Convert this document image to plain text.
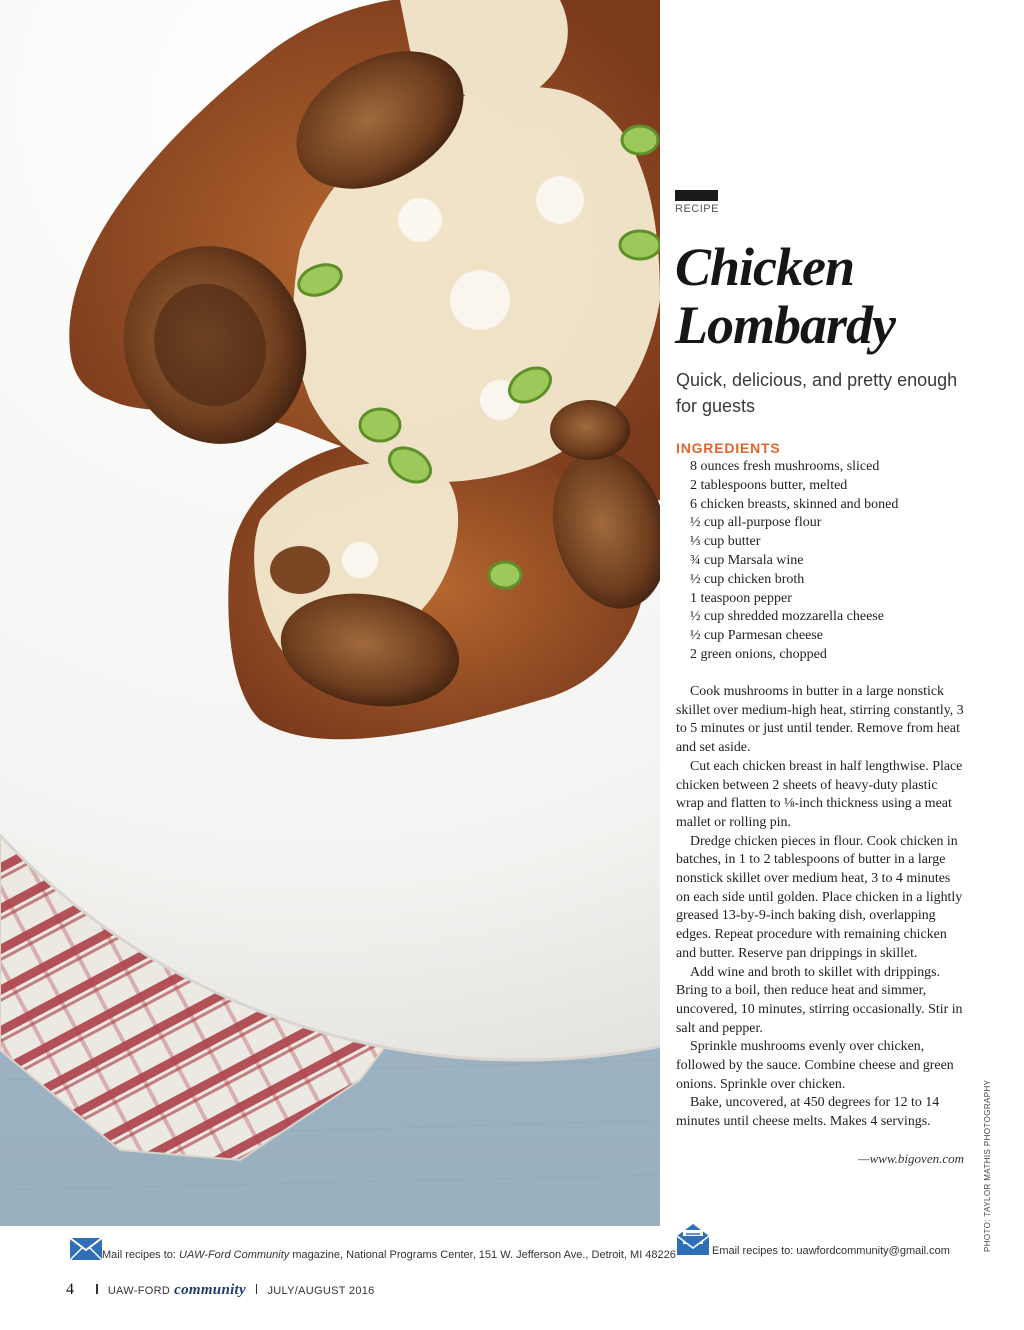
RECIPE
Chicken
Lombardy
Quick, delicious, and pretty enough for guests
INGREDIENTS
8 ounces fresh mushrooms, sliced
2 tablespoons butter, melted
6 chicken breasts, skinned and boned
½ cup all-purpose flour
⅓ cup butter
¾ cup Marsala wine
½ cup chicken broth
1 teaspoon pepper
½ cup shredded mozzarella cheese
½ cup Parmesan cheese
2 green onions, chopped

Cook mushrooms in butter in a large nonstick skillet over medium-high heat, stirring constantly, 3 to 5 minutes or just until tender. Remove from heat and set aside.

Cut each chicken breast in half lengthwise. Place chicken between 2 sheets of heavy-duty plastic wrap and flatten to ⅛-inch thickness using a meat mallet or rolling pin.

Dredge chicken pieces in flour. Cook chicken in batches, in 1 to 2 tablespoons of butter in a large nonstick skillet over medium heat, 3 to 4 minutes on each side until golden. Place chicken in a lightly greased 13-by-9-inch baking dish, overlapping edges. Repeat procedure with remaining chicken and butter. Reserve pan drippings in skillet.

Add wine and broth to skillet with drippings. Bring to a boil, then reduce heat and simmer, uncovered, 10 minutes, stirring occasionally. Stir in salt and pepper.

Sprinkle mushrooms evenly over chicken, followed by the sauce. Combine cheese and green onions. Sprinkle over chicken.

Bake, uncovered, at 450 degrees for 12 to 14 minutes until cheese melts. Makes 4 servings.

—www.bigoven.com PHOTO: TAYLOR MATHIS PHOTOGRAPHY
Mail recipes to: UAW-Ford Community magazine, National Programs Center, 151 W. Jefferson Ave., Detroit, MI 48226	Email recipes to: uawfordcommunity@gmail.com
4	UAW-FORD community JULY/AUGUST 2016
